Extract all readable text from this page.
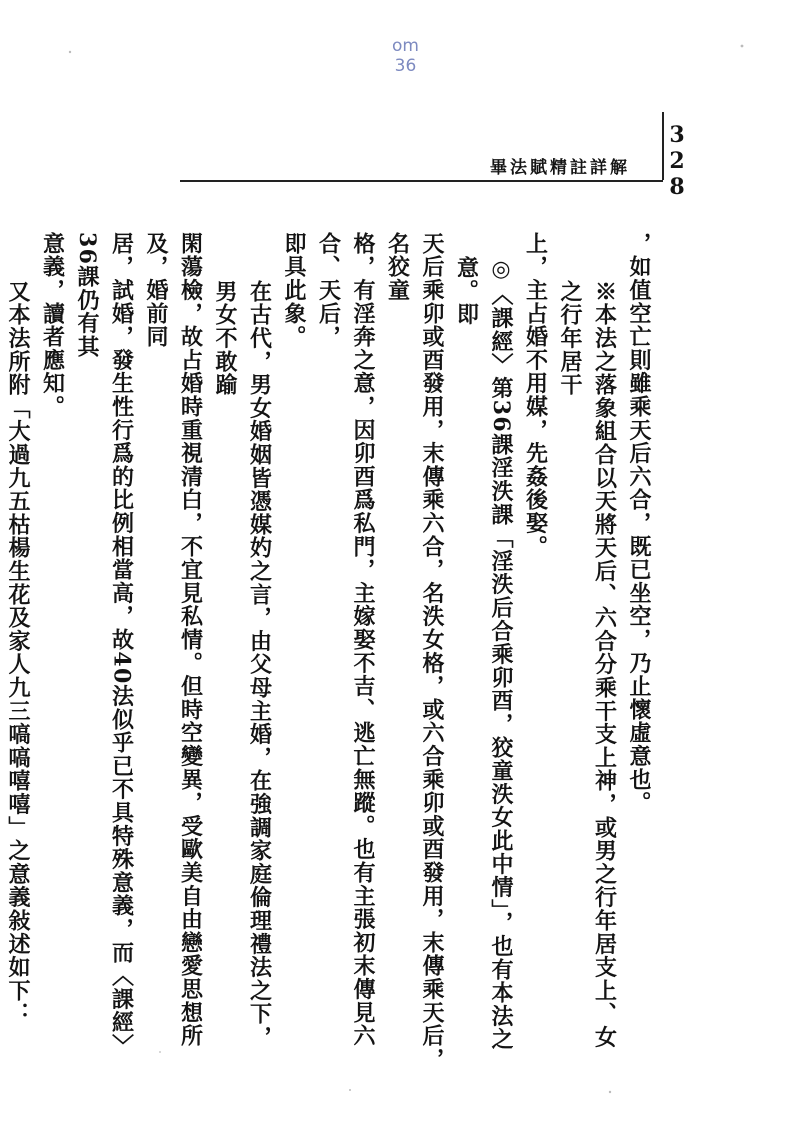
om
36
328
畢法賦精註詳解

，如值空亡則雖乘天后六合，既已坐空，乃止懷虛意也。

※本法之落象組合以天將天后、六合分乘干支上神，或男之行年居支上、女之行年居干

上，主占婚不用媒，先姦後娶。

◎〈課經〉第36課淫泆課「淫泆后合乘卯酉，狡童泆女此中情」，也有本法之意。即

天后乘卯或酉發用，末傳乘六合，名泆女格，或六合乘卯或酉發用，末傳乘天后，名狡童

格，有淫奔之意，因卯酉爲私門，主嫁娶不吉、逃亡無蹤。也有主張初末傳見六合、天后，

即具此象。

在古代，男女婚姻皆憑媒妁之言，由父母主婚，在強調家庭倫理禮法之下，男女不敢踰

閑蕩檢，故占婚時重視清白，不宜見私情。但時空變異，受歐美自由戀愛思想所及，婚前同

居，試婚，發生性行爲的比例相當高，故40法似乎已不具特殊意義，而〈課經〉36課仍有其

意義，讀者應知。

又本法所附「大過九五枯楊生花及家人九三嗃嗃嘻嘻」之意義敍述如下：
